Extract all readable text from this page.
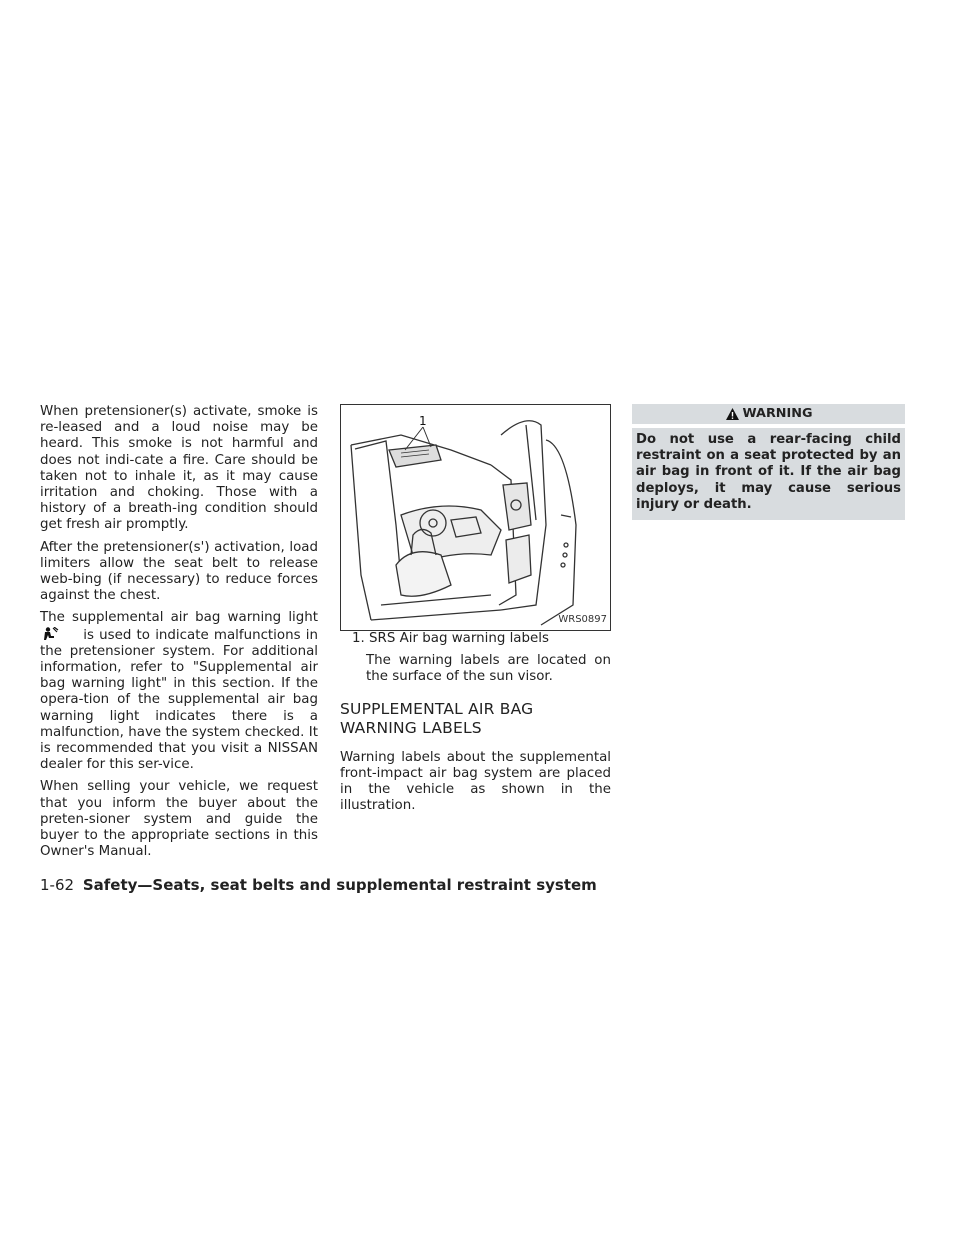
When pretensioner(s) activate, smoke is re-leased and a loud noise may be heard. This smoke is not harmful and does not indi-cate a fire. Care should be taken not to inhale it, as it may cause irritation and choking. Those with a history of a breath-ing condition should get fresh air promptly.

After the pretensioner(s') activation, load limiters allow the seat belt to release web-bing (if necessary) to reduce forces against the chest.

The supplemental air bag warning light  is used to indicate malfunctions in the pretensioner system. For additional information, refer to "Supplemental air bag warning light" in this section. If the opera-tion of the supplemental air bag warning light indicates there is a malfunction, have the system checked. It is recommended that you visit a NISSAN dealer for this ser-vice.

When selling your vehicle, we request that you inform the buyer about the preten-sioner system and guide the buyer to the appropriate sections in this Owner's Manual.

1
WRS0897

1. SRS Air bag warning labels

The warning labels are located on the surface of the sun visor.

SUPPLEMENTAL AIR BAG WARNING LABELS

Warning labels about the supplemental front-impact air bag system are placed in the vehicle as shown in the illustration.

WARNING
Do not use a rear-facing child restraint on a seat protected by an air bag in front of it. If the air bag deploys, it may cause serious injury or death.
1-62 Safety—Seats, seat belts and supplemental restraint system
